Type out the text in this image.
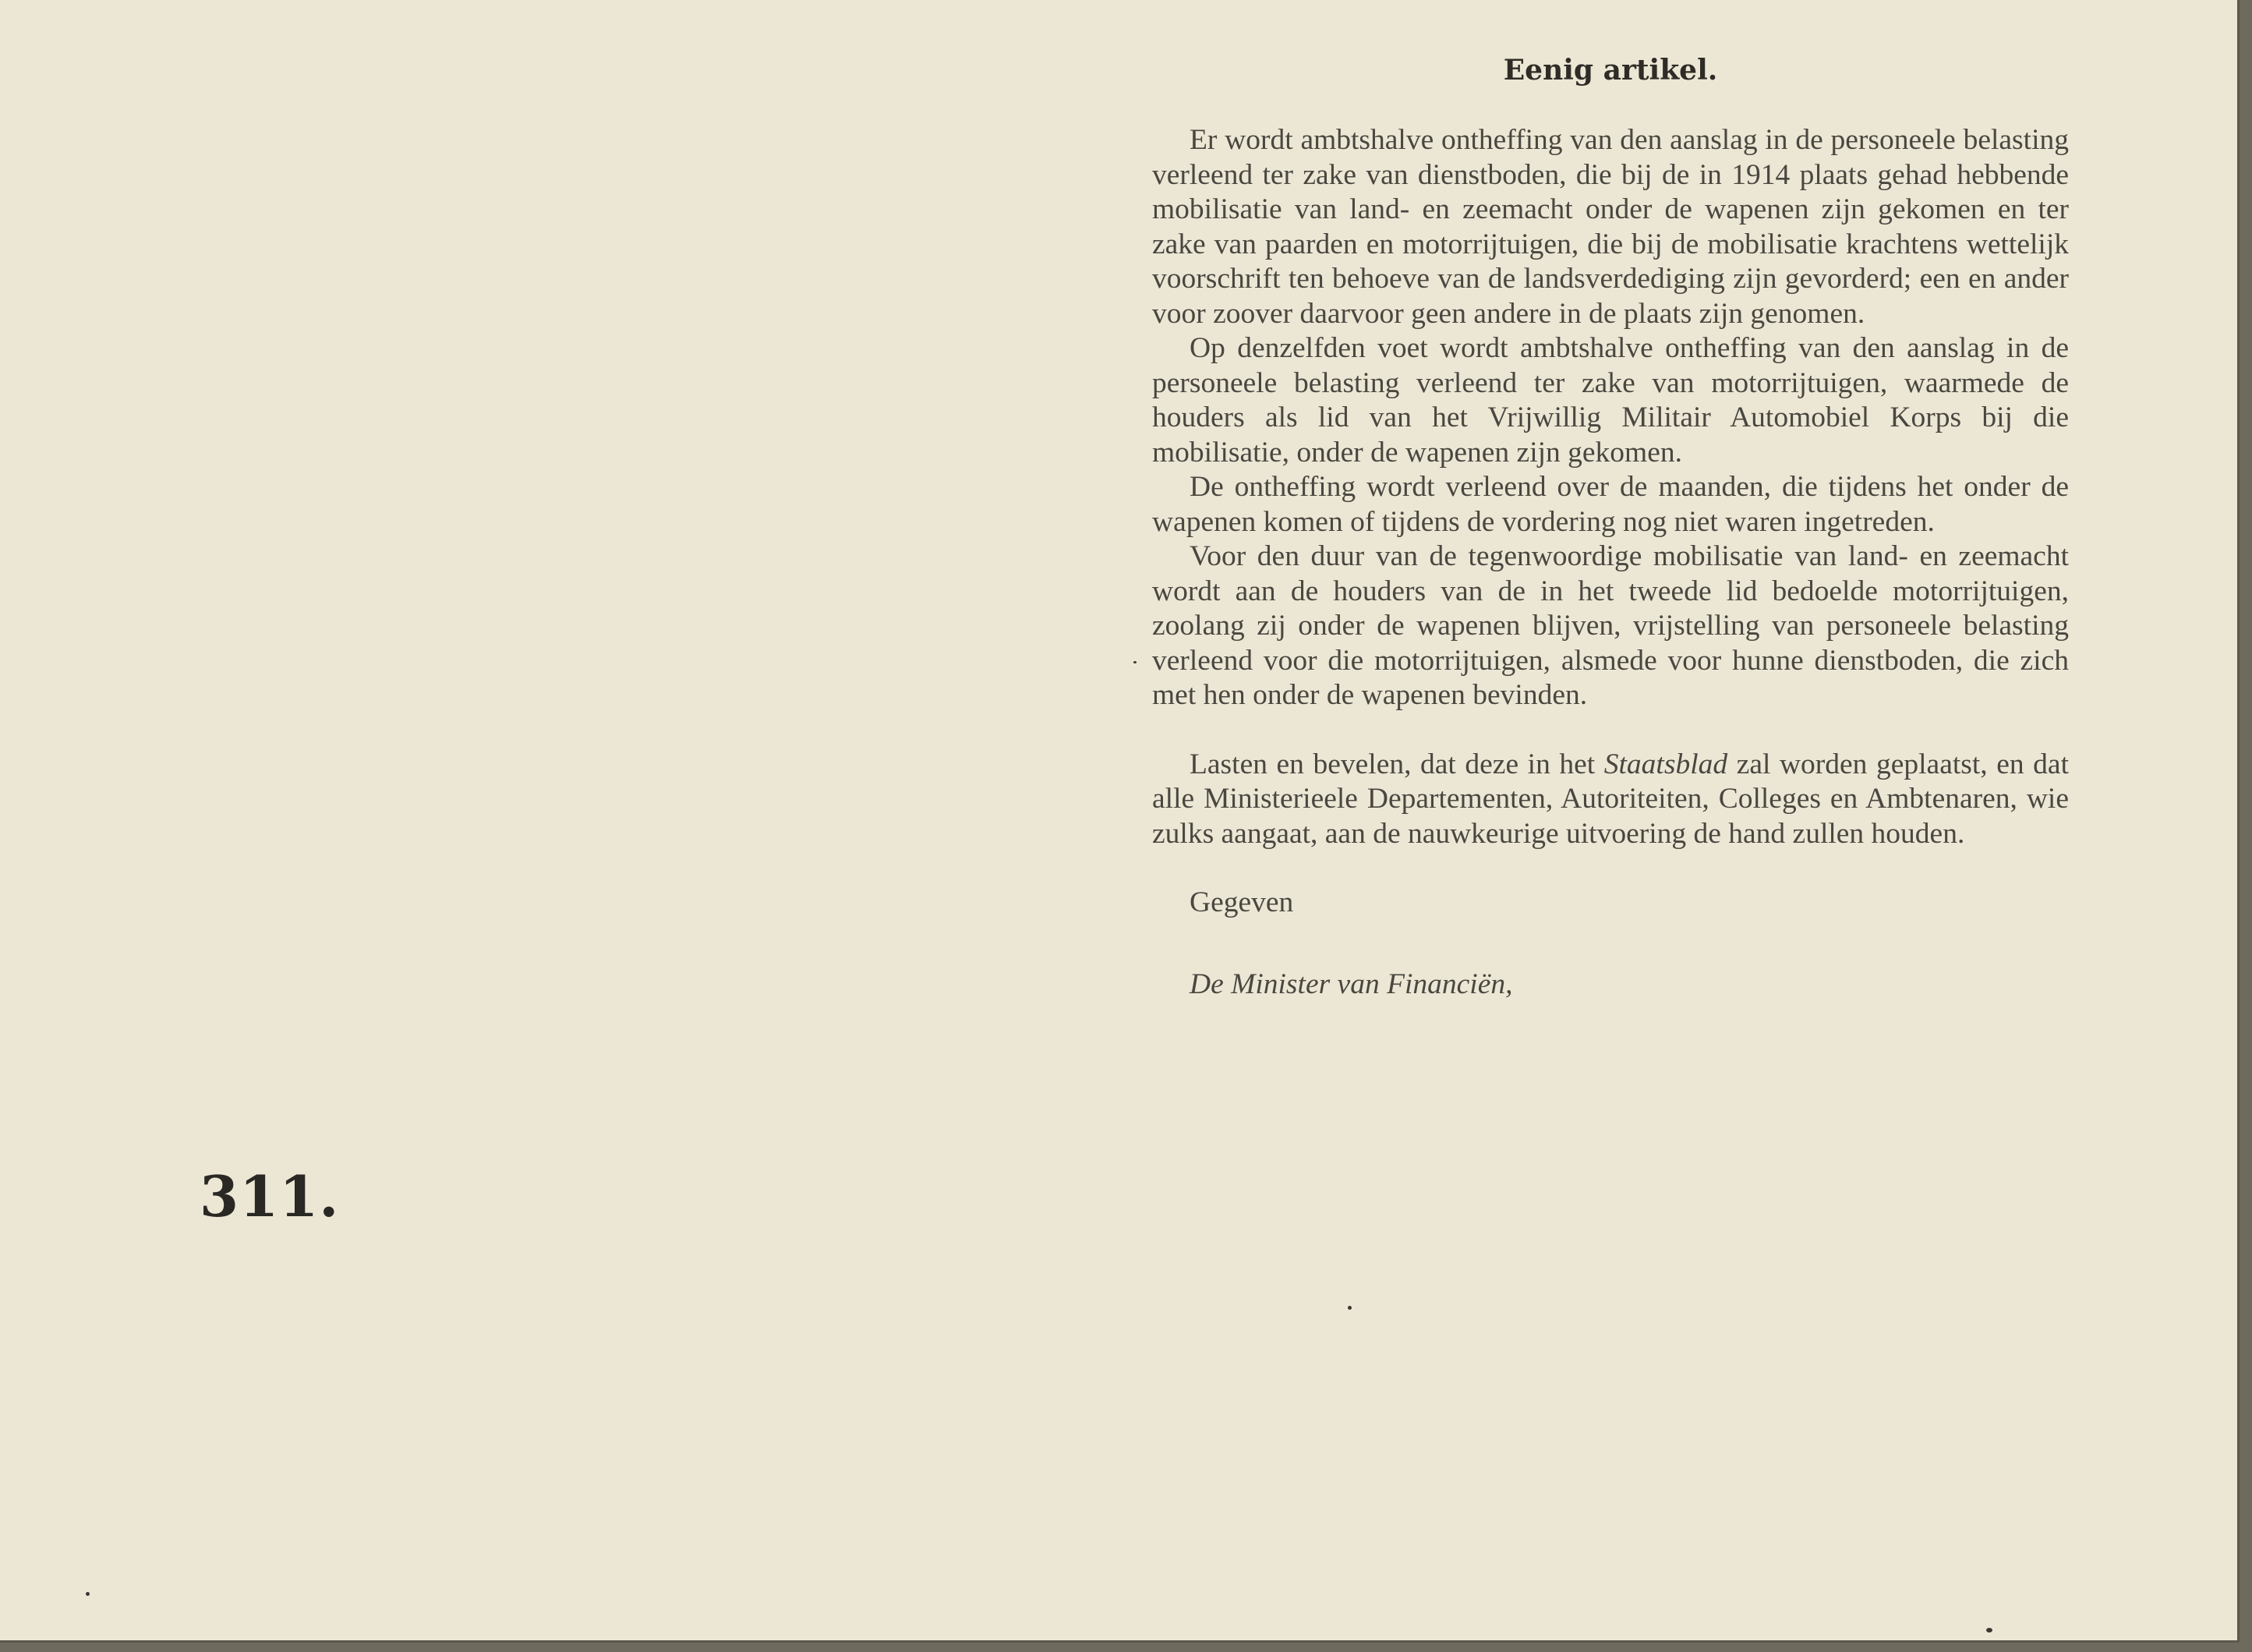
311.
Eenig artikel.

Er wordt ambtshalve ontheffing van den aanslag in de personeele belasting verleend ter zake van dienstboden, die bij de in 1914 plaats gehad hebbende mobilisatie van land- en zeemacht onder de wapenen zijn gekomen en ter zake van paarden en motorrijtuigen, die bij de mobilisatie krachtens wettelijk voorschrift ten behoeve van de landsverdediging zijn gevorderd; een en ander voor zoover daarvoor geen andere in de plaats zijn genomen.

Op denzelfden voet wordt ambtshalve ontheffing van den aanslag in de personeele belasting verleend ter zake van motorrijtuigen, waarmede de houders als lid van het Vrijwillig Militair Automobiel Korps bij die mobilisatie, onder de wapenen zijn gekomen.

De ontheffing wordt verleend over de maanden, die tijdens het onder de wapenen komen of tijdens de vordering nog niet waren ingetreden.

Voor den duur van de tegenwoordige mobilisatie van land- en zeemacht wordt aan de houders van de in het tweede lid bedoelde motorrijtuigen, zoolang zij onder de wapenen blijven, vrijstelling van personeele belasting verleend voor die motorrijtuigen, alsmede voor hunne dienstboden, die zich met hen onder de wapenen bevinden.

Lasten en bevelen, dat deze in het Staatsblad zal worden geplaatst, en dat alle Ministerieele Departementen, Autoriteiten, Colleges en Ambtenaren, wie zulks aangaat, aan de nauwkeurige uitvoering de hand zullen houden.

Gegeven

De Minister van Financiën,
